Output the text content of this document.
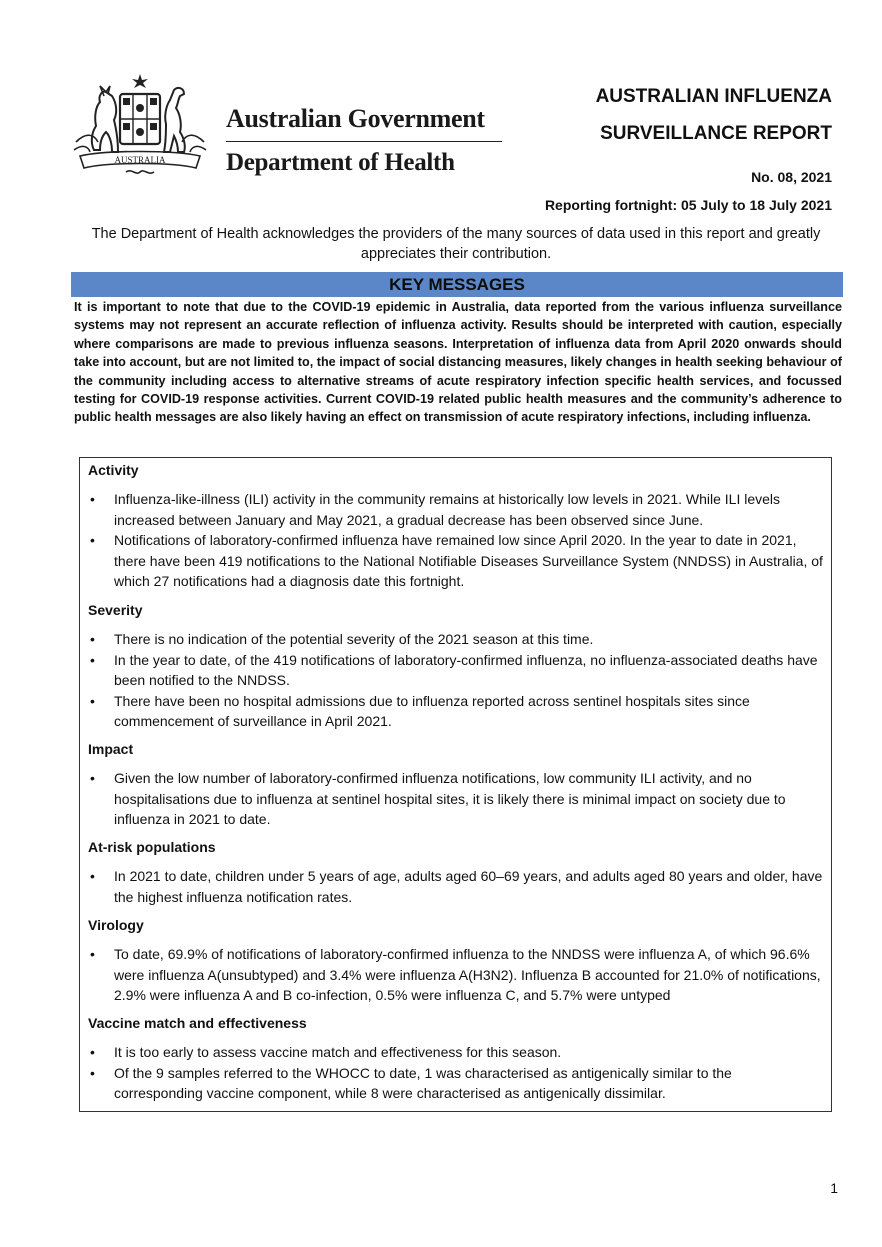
AUSTRALIA
Australian Government
Department of Health
AUSTRALIAN INFLUENZA
SURVEILLANCE REPORT
No. 08, 2021
Reporting fortnight: 05 July to 18 July 2021
The Department of Health acknowledges the providers of the many sources of data used in this report and greatly appreciates their contribution.
KEY MESSAGES
It is important to note that due to the COVID-19 epidemic in Australia, data reported from the various influenza surveillance systems may not represent an accurate reflection of influenza activity. Results should be interpreted with caution, especially where comparisons are made to previous influenza seasons. Interpretation of influenza data from April 2020 onwards should take into account, but are not limited to, the impact of social distancing measures, likely changes in health seeking behaviour of the community including access to alternative streams of acute respiratory infection specific health services, and focussed testing for COVID-19 response activities. Current COVID-19 related public health measures and the community’s adherence to public health messages are also likely having an effect on transmission of acute respiratory infections, including influenza.
Activity
• Influenza-like-illness (ILI) activity in the community remains at historically low levels in 2021. While ILI levels increased between January and May 2021, a gradual decrease has been observed since June.
• Notifications of laboratory-confirmed influenza have remained low since April 2020. In the year to date in 2021, there have been 419 notifications to the National Notifiable Diseases Surveillance System (NNDSS) in Australia, of which 27 notifications had a diagnosis date this fortnight.
Severity
• There is no indication of the potential severity of the 2021 season at this time.
• In the year to date, of the 419 notifications of laboratory-confirmed influenza, no influenza-associated deaths have been notified to the NNDSS.
• There have been no hospital admissions due to influenza reported across sentinel hospitals sites since commencement of surveillance in April 2021.
Impact
• Given the low number of laboratory-confirmed influenza notifications, low community ILI activity, and no hospitalisations due to influenza at sentinel hospital sites, it is likely there is minimal impact on society due to influenza in 2021 to date.
At-risk populations
• In 2021 to date, children under 5 years of age, adults aged 60–69 years, and adults aged 80 years and older, have the highest influenza notification rates.
Virology
• To date, 69.9% of notifications of laboratory-confirmed influenza to the NNDSS were influenza A, of which 96.6% were influenza A(unsubtyped) and 3.4% were influenza A(H3N2). Influenza B accounted for 21.0% of notifications, 2.9% were influenza A and B co-infection, 0.5% were influenza C, and 5.7% were untyped
Vaccine match and effectiveness
• It is too early to assess vaccine match and effectiveness for this season.
• Of the 9 samples referred to the WHOCC to date, 1 was characterised as antigenically similar to the corresponding vaccine component, while 8 were characterised as antigenically dissimilar.
1
